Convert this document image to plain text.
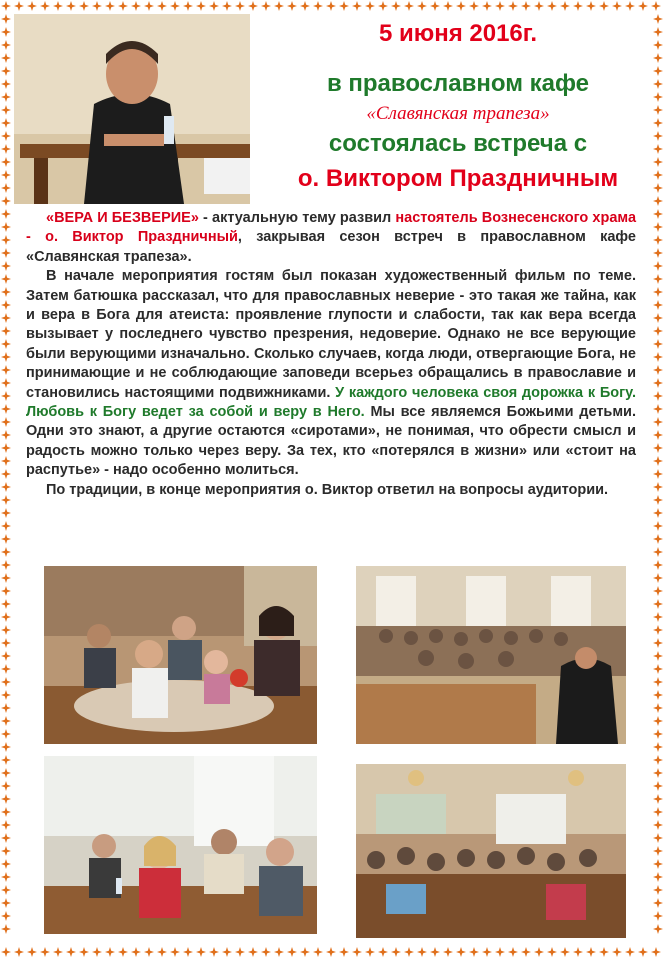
5 июня 2016г.
в православном кафе
«Славянская трапеза»
состоялась встреча с
о. Виктором Праздничным

«ВЕРА И БЕЗВЕРИЕ» - актуальную тему развил настоятель Вознесенского храма - о. Виктор Праздничный, закрывая сезон встреч в православном кафе «Славянская трапеза».

В начале мероприятия гостям был показан художественный фильм по теме. Затем батюшка рассказал, что для православных неверие - это такая же тайна, как и вера в Бога для атеиста: проявление глупости и слабости, так как вера всегда вызывает у последнего чувство презрения, недоверие. Однако не все верующие были верующими изначально. Сколько случаев, когда люди, отвергающие Бога, не принимающие и не соблюдающие заповеди всерьез обращались в православие и становились настоящими подвижниками. У каждого человека своя дорожка к Богу. Любовь к Богу ведет за собой и веру в Него. Мы все являемся Божьими детьми. Одни это знают, а другие остаются «сиротами», не понимая, что обрести смысл и радость можно только через веру. За тех, кто «потерялся в жизни» или «стоит на распутье» - надо особенно молиться.

По традиции, в конце мероприятия о. Виктор ответил на вопросы аудитории.
